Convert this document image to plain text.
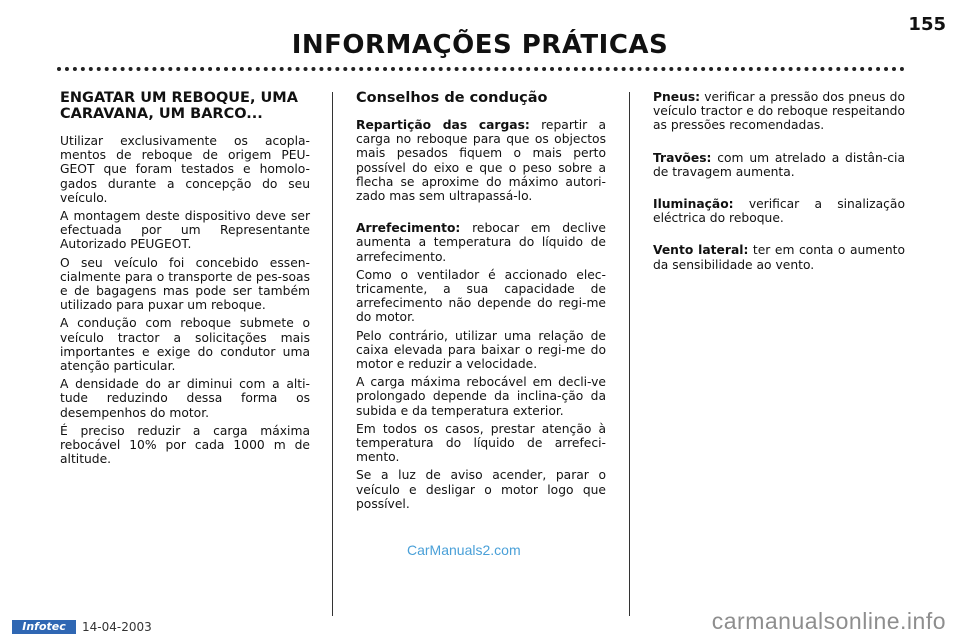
155
INFORMAÇÕES PRÁTICAS
ENGATAR UM REBOQUE, UMA CARAVANA, UM BARCO...

Utilizar exclusivamente os acopla-mentos de reboque de origem PEU-GEOT que foram testados e homolo-gados durante a concepção do seu veículo.

A montagem deste dispositivo deve ser efectuada por um Representante Autorizado PEUGEOT.

O seu veículo foi concebido essen-cialmente para o transporte de pes-soas e de bagagens mas pode ser também utilizado para puxar um reboque.

A condução com reboque submete o veículo tractor a solicitações mais importantes e exige do condutor uma atenção particular.

A densidade do ar diminui com a alti-tude reduzindo dessa forma os desempenhos do motor.

É preciso reduzir a carga máxima rebocável 10% por cada 1000 m de altitude.

Conselhos de condução

Repartição das cargas: repartir a carga no reboque para que os objectos mais pesados fiquem o mais perto possível do eixo e que o peso sobre a flecha se aproxime do máximo autori-zado mas sem ultrapassá-lo.

Arrefecimento: rebocar em declive aumenta a temperatura do líquido de arrefecimento.

Como o ventilador é accionado elec-tricamente, a sua capacidade de arrefecimento não depende do regi-me do motor.

Pelo contrário, utilizar uma relação de caixa elevada para baixar o regi-me do motor e reduzir a velocidade.

A carga máxima rebocável em decli-ve prolongado depende da inclina-ção da subida e da temperatura exterior.

Em todos os casos, prestar atenção à temperatura do líquido de arrefeci-mento.

Se a luz de aviso acender, parar o veículo e desligar o motor logo que possível.

Pneus: verificar a pressão dos pneus do veículo tractor e do reboque respeitando as pressões recomendadas.

Travões: com um atrelado a distân-cia de travagem aumenta.

Iluminação: verificar a sinalização eléctrica do reboque.

Vento lateral: ter em conta o aumento da sensibilidade ao vento.

CarManuals2.com
Infotec	14-04-2003	carmanualsonline.info
